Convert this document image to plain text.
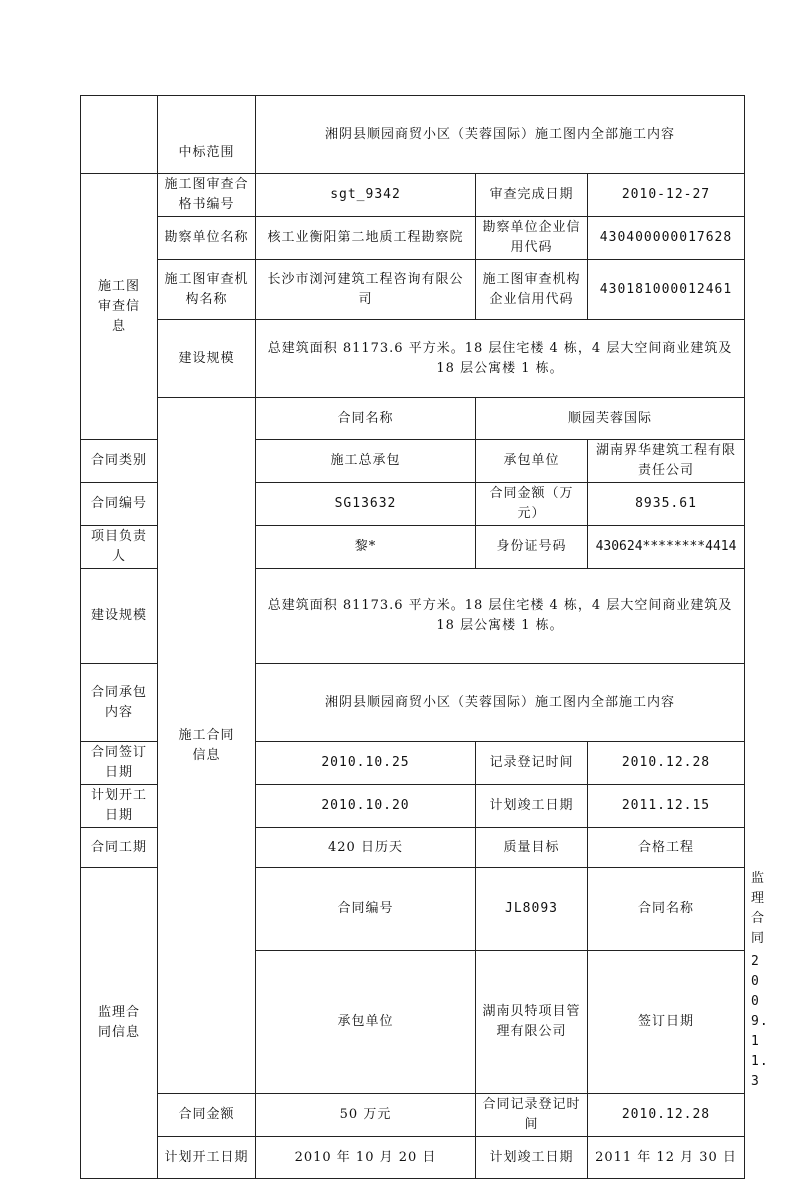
	中标范围	湘阴县顺园商贸小区（芙蓉国际）施工图内全部施工内容			
施工图审查信息	施工图审查合格书编号	sgt_9342	审查完成日期	2010-12-27	
	勘察单位名称	核工业衡阳第二地质工程勘察院	勘察单位企业信用代码	430400000017628	
	施工图审查机构名称	长沙市浏河建筑工程咨询有限公司	施工图审查机构企业信用代码	430181000012461	
	建设规模	总建筑面积 81173.6 平方米。18 层住宅楼 4 栋，4 层大空间商业建筑及 18 层公寓楼 1 栋。			
	施工合同信息	合同名称	顺园芙蓉国际		
合同类别		施工总承包	承包单位	湖南界华建筑工程有限责任公司	
合同编号		SG13632	合同金额（万元）	8935.61	
项目负责人		黎*	身份证号码	430624********4414	
建设规模		总建筑面积 81173.6 平方米。18 层住宅楼 4 栋，4 层大空间商业建筑及 18 层公寓楼 1 栋。			
合同承包内容		湘阴县顺园商贸小区（芙蓉国际）施工图内全部施工内容			
合同签订日期		2010.10.25	记录登记时间	2010.12.28	
计划开工日期		2010.10.20	计划竣工日期	2011.12.15	
合同工期		420 日历天	质量目标	合格工程	
监理合同信息		合同编号	JL8093	合同名称	监理合同
		承包单位	湖南贝特项目管理有限公司	签订日期	2009.11.3
	合同金额	50 万元	合同记录登记时间	2010.12.28	
	计划开工日期	2010 年 10 月 20 日	计划竣工日期	2011 年 12 月 30 日	
